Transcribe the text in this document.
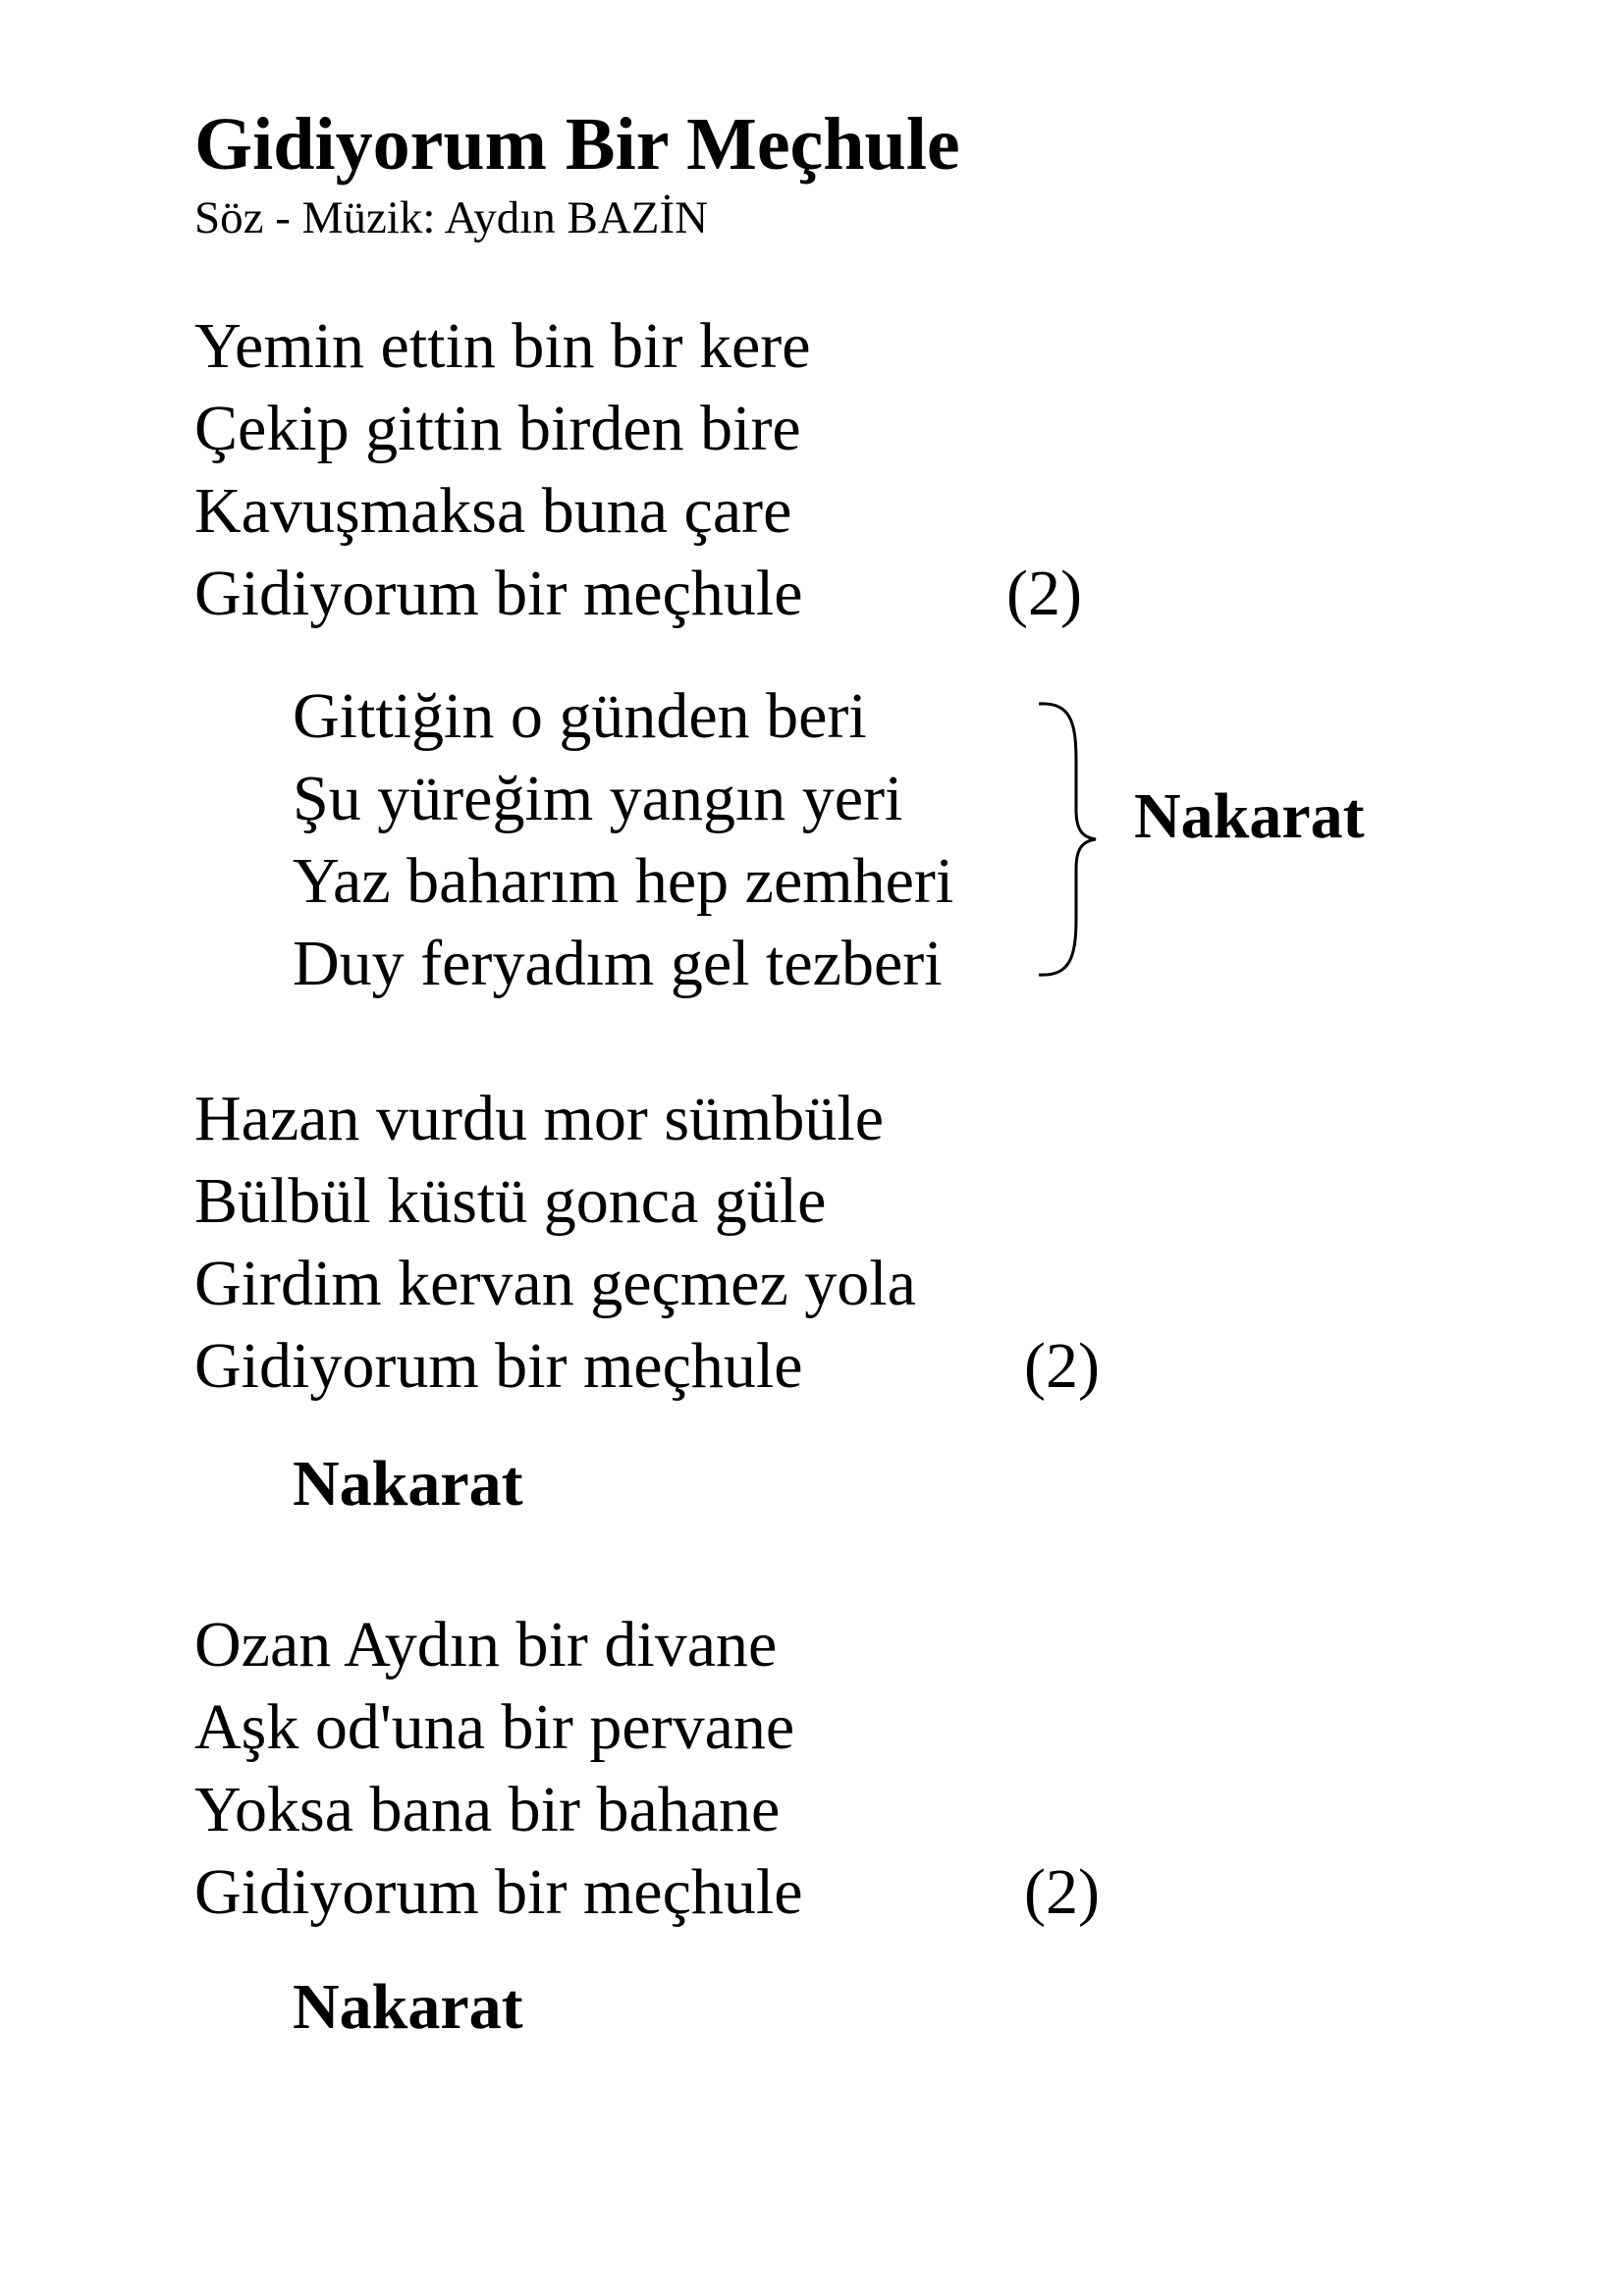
Gidiyorum Bir Meçhule
Söz - Müzik: Aydın BAZİN
Yemin ettin bin bir kere
Çekip gittin birden bire
Kavuşmaksa buna çare
Gidiyorum bir meçhule	(2)
Gittiğin o günden beri
Şu yüreğim yangın yeri
Yaz baharım hep zemheri
Duy feryadım gel tezberi
Nakarat
Hazan vurdu mor sümbüle
Bülbül küstü gonca güle
Girdim kervan geçmez yola
Gidiyorum bir meçhule	(2)
Nakarat
Ozan Aydın bir divane
Aşk od'una bir pervane
Yoksa bana bir bahane
Gidiyorum bir meçhule	(2)
Nakarat
